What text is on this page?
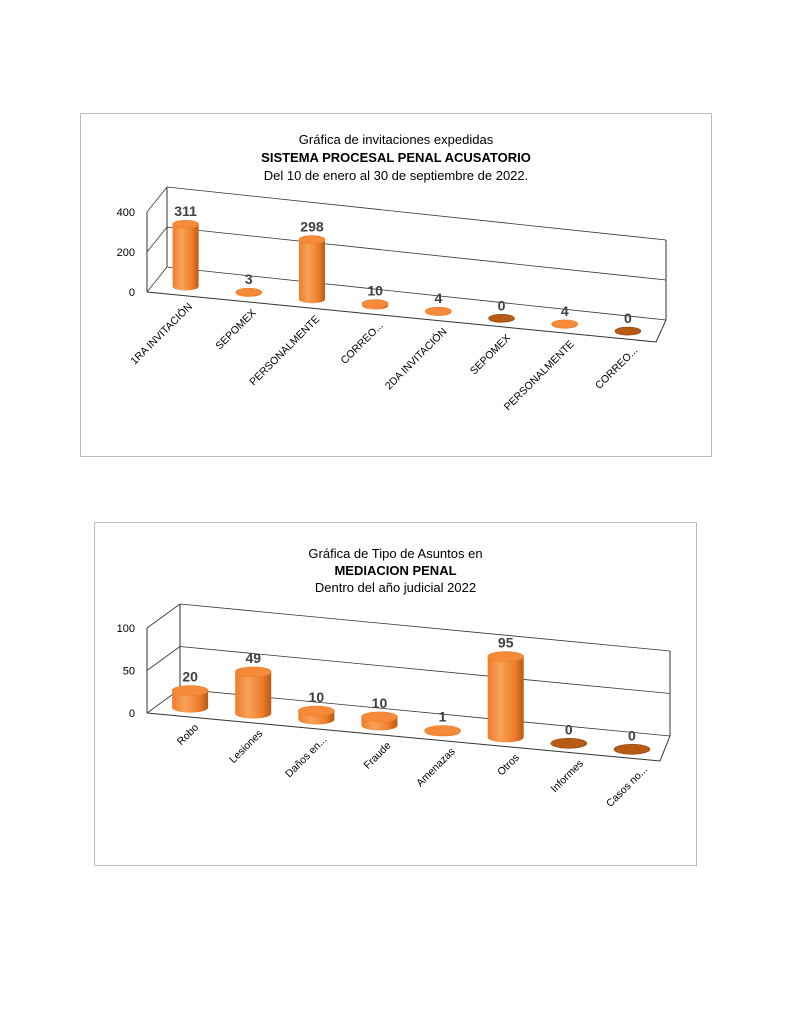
Gráfica de invitaciones expedidas
SISTEMA PROCESAL PENAL ACUSATORIO
Del 10 de enero al 30 de septiembre de 2022.
0
200
400	311
1RA INVITACIÓN
3
SEPOMEX
298
PERSONALMENTE
10
CORREO...
4
2DA INVITACIÓN
0
SEPOMEX
4
PERSONALMENTE
0
CORREO...
Gráfica de Tipo de Asuntos en
MEDIACION PENAL
Dentro del año judicial 2022
0
50
100
20
Robo
49
Lesiones
10
Daños en...
10
Fraude
1
Amenazas
95
Otros
0
Informes
0
Casos no...
